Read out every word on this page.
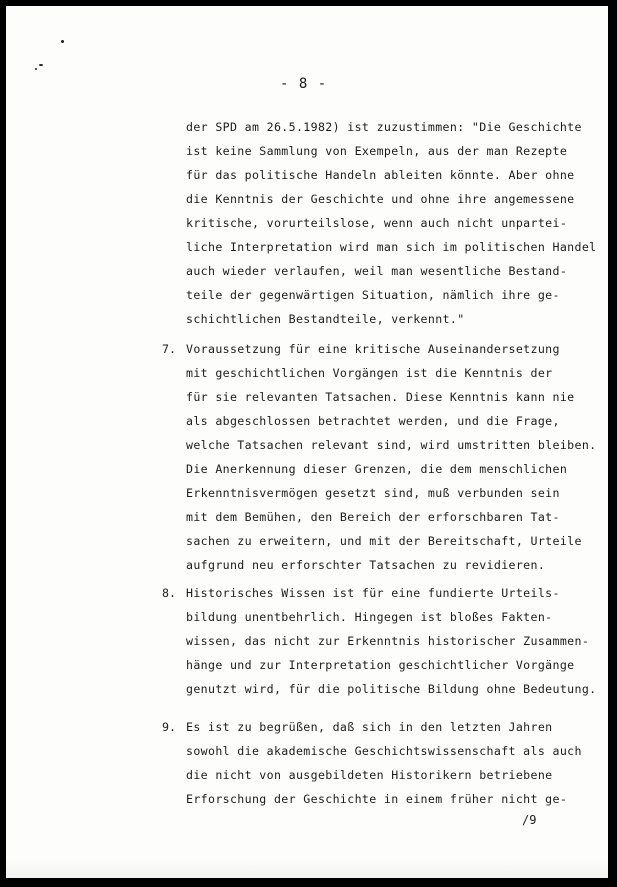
- 8 -
der SPD am 26.5.1982) ist zuzustimmen: "Die Geschichte
ist keine Sammlung von Exempeln, aus der man Rezepte
für das politische Handeln ableiten könnte. Aber ohne
die Kenntnis der Geschichte und ohne ihre angemessene
kritische, vorurteilslose, wenn auch nicht unpartei-
liche Interpretation wird man sich im politischen Handel
auch wieder verlaufen, weil man wesentliche Bestand-
teile der gegenwärtigen Situation, nämlich ihre ge-
schichtlichen Bestandteile, verkennt."
7. Voraussetzung für eine kritische Auseinandersetzung
mit geschichtlichen Vorgängen ist die Kenntnis der
für sie relevanten Tatsachen. Diese Kenntnis kann nie
als abgeschlossen betrachtet werden, und die Frage,
welche Tatsachen relevant sind, wird umstritten bleiben.
Die Anerkennung dieser Grenzen, die dem menschlichen
Erkenntnisvermögen gesetzt sind, muß verbunden sein
mit dem Bemühen, den Bereich der erforschbaren Tat-
sachen zu erweitern, und mit der Bereitschaft, Urteile
aufgrund neu erforschter Tatsachen zu revidieren.
8. Historisches Wissen ist für eine fundierte Urteils-
bildung unentbehrlich. Hingegen ist bloßes Fakten-
wissen, das nicht zur Erkenntnis historischer Zusammen-
hänge und zur Interpretation geschichtlicher Vorgänge
genutzt wird, für die politische Bildung ohne Bedeutung.
9. Es ist zu begrüßen, daß sich in den letzten Jahren
sowohl die akademische Geschichtswissenschaft als auch
die nicht von ausgebildeten Historikern betriebene
Erforschung der Geschichte in einem früher nicht ge-
/9
